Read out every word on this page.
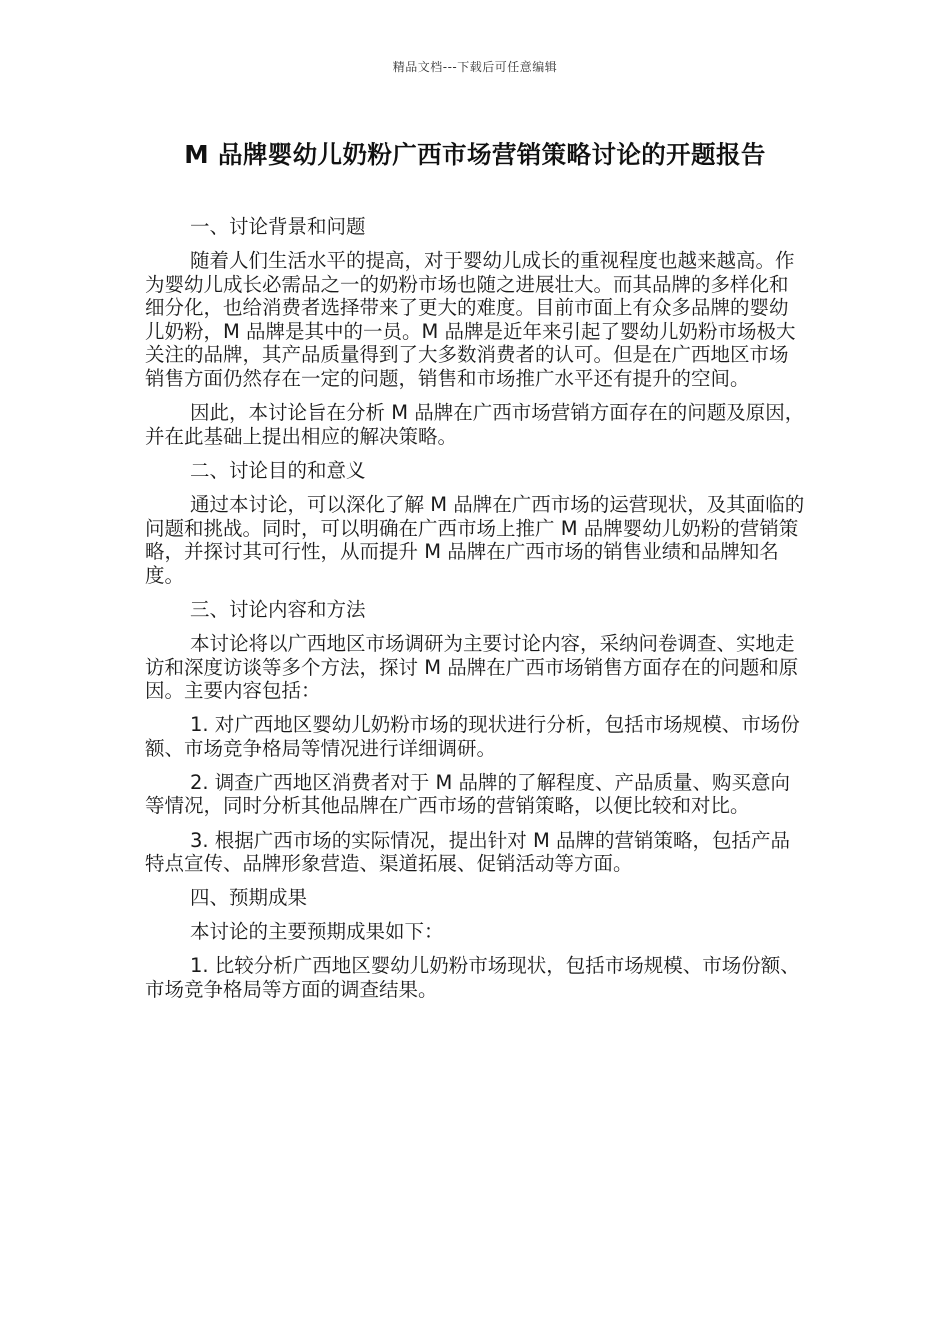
精品文档---下载后可任意编辑
M 品牌婴幼儿奶粉广西市场营销策略讨论的开题报告

一、讨论背景和问题

随着人们生活水平的提高，对于婴幼儿成长的重视程度也越来越高。作为婴幼儿成长必需品之一的奶粉市场也随之进展壮大。而其品牌的多样化和细分化，也给消费者选择带来了更大的难度。目前市面上有众多品牌的婴幼儿奶粉，M 品牌是其中的一员。M 品牌是近年来引起了婴幼儿奶粉市场极大关注的品牌，其产品质量得到了大多数消费者的认可。但是在广西地区市场销售方面仍然存在一定的问题，销售和市场推广水平还有提升的空间。

因此，本讨论旨在分析 M 品牌在广西市场营销方面存在的问题及原因，并在此基础上提出相应的解决策略。

二、讨论目的和意义

通过本讨论，可以深化了解 M 品牌在广西市场的运营现状，及其面临的问题和挑战。同时，可以明确在广西市场上推广 M 品牌婴幼儿奶粉的营销策略，并探讨其可行性，从而提升 M 品牌在广西市场的销售业绩和品牌知名度。

三、讨论内容和方法

本讨论将以广西地区市场调研为主要讨论内容，采纳问卷调查、实地走访和深度访谈等多个方法，探讨 M 品牌在广西市场销售方面存在的问题和原因。主要内容包括：

1. 对广西地区婴幼儿奶粉市场的现状进行分析，包括市场规模、市场份额、市场竞争格局等情况进行详细调研。

2. 调查广西地区消费者对于 M 品牌的了解程度、产品质量、购买意向等情况，同时分析其他品牌在广西市场的营销策略，以便比较和对比。

3. 根据广西市场的实际情况，提出针对 M 品牌的营销策略，包括产品特点宣传、品牌形象营造、渠道拓展、促销活动等方面。

四、预期成果

本讨论的主要预期成果如下：

1. 比较分析广西地区婴幼儿奶粉市场现状，包括市场规模、市场份额、市场竞争格局等方面的调查结果。
